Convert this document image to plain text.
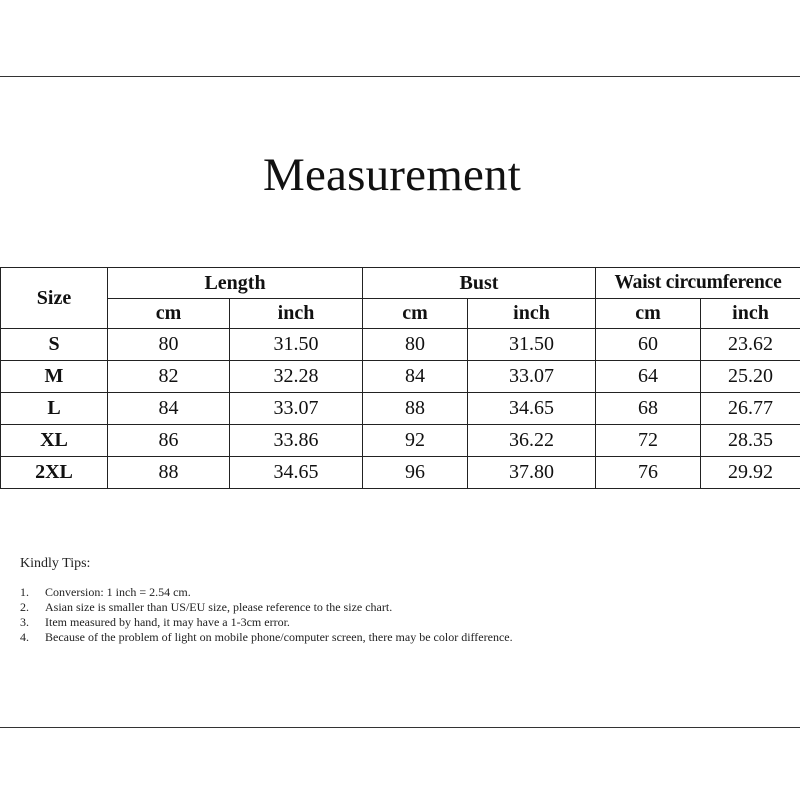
Measurement
Size	Length		Bust		Waist circumference	
	cm	inch	cm	inch	cm	inch
S	80	31.50	80	31.50	60	23.62
M	82	32.28	84	33.07	64	25.20
L	84	33.07	88	34.65	68	26.77
XL	86	33.86	92	36.22	72	28.35
2XL	88	34.65	96	37.80	76	29.92

Kindly Tips:

1.	Conversion: 1 inch = 2.54 cm.
2.	Asian size is smaller than US/EU size, please reference to the size chart.
3.	Item measured by hand, it may have a 1-3cm error.
4.	Because of the problem of light on mobile phone/computer screen, there may be color difference.
